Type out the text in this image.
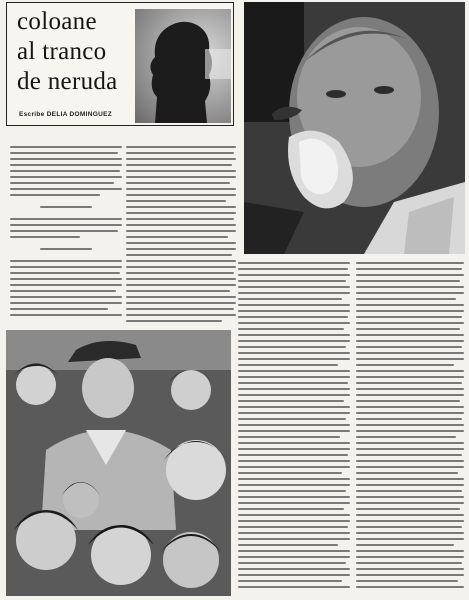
coloane
al tranco
de neruda
Escribe DELIA DOMINGUEZ
